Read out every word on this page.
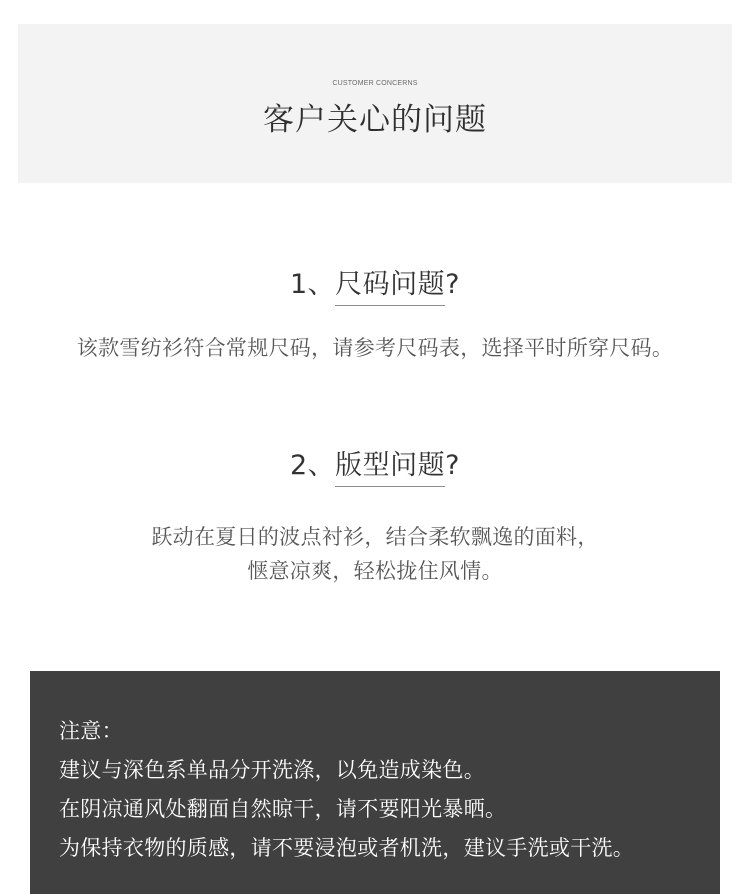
CUSTOMER CONCERNS
客户关心的问题
1、尺码问题?
该款雪纺衫符合常规尺码，请参考尺码表，选择平时所穿尺码。
2、版型问题?
跃动在夏日的波点衬衫，结合柔软飘逸的面料，
惬意凉爽，轻松拢住风情。
注意：
建议与深色系单品分开洗涤，以免造成染色。
在阴凉通风处翻面自然晾干，请不要阳光暴晒。
为保持衣物的质感，请不要浸泡或者机洗，建议手洗或干洗。
